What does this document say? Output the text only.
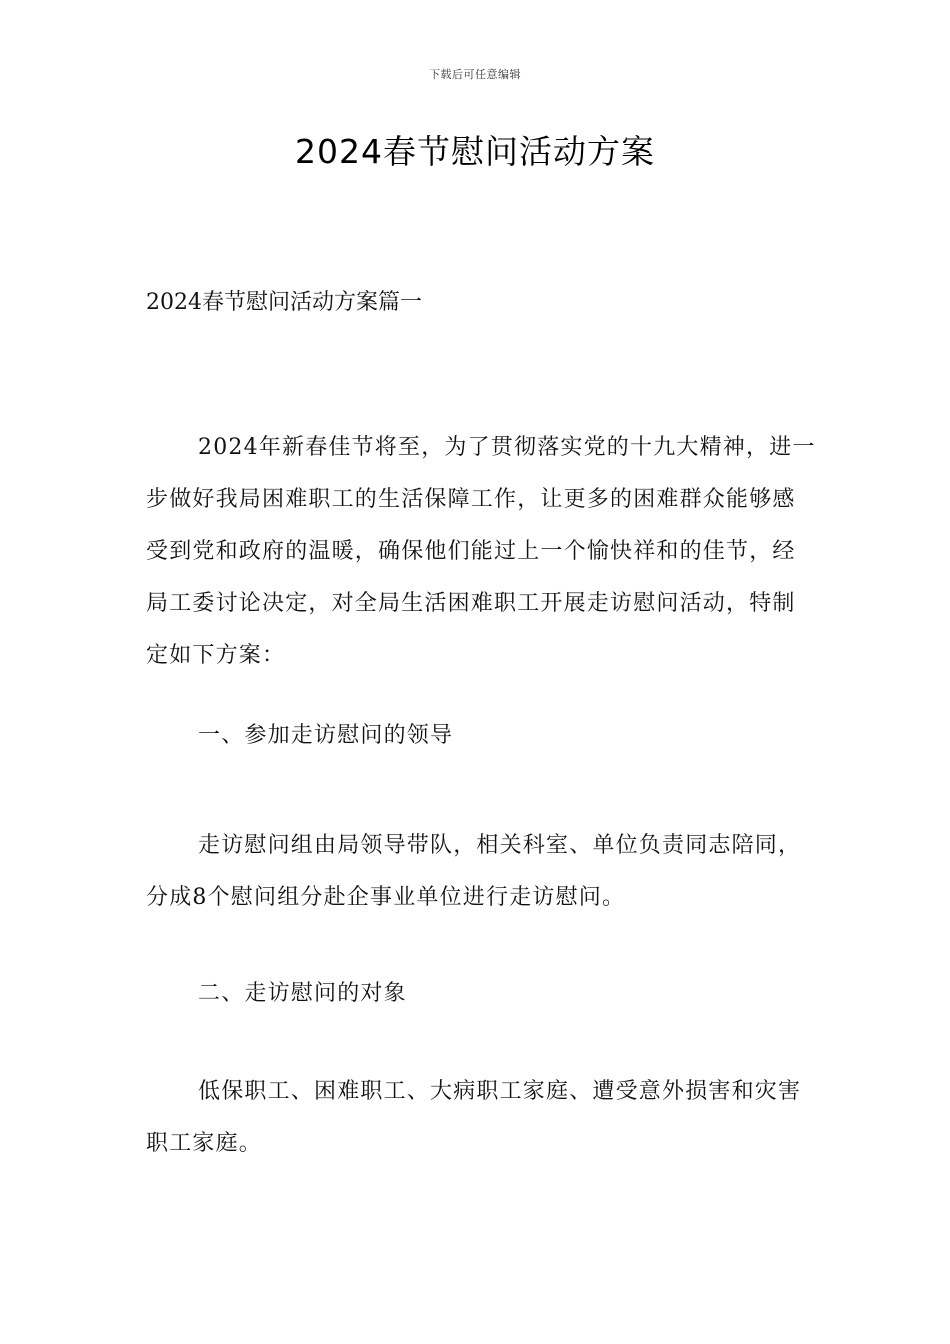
下载后可任意编辑
2024春节慰问活动方案

2024春节慰问活动方案篇一

2024年新春佳节将至，为了贯彻落实党的十九大精神，进一步做好我局困难职工的生活保障工作，让更多的困难群众能够感受到党和政府的温暖，确保他们能过上一个愉快祥和的佳节，经局工委讨论决定，对全局生活困难职工开展走访慰问活动，特制定如下方案：

一、参加走访慰问的领导

走访慰问组由局领导带队，相关科室、单位负责同志陪同，分成8个慰问组分赴企事业单位进行走访慰问。

二、走访慰问的对象

低保职工、困难职工、大病职工家庭、遭受意外损害和灾害职工家庭。
